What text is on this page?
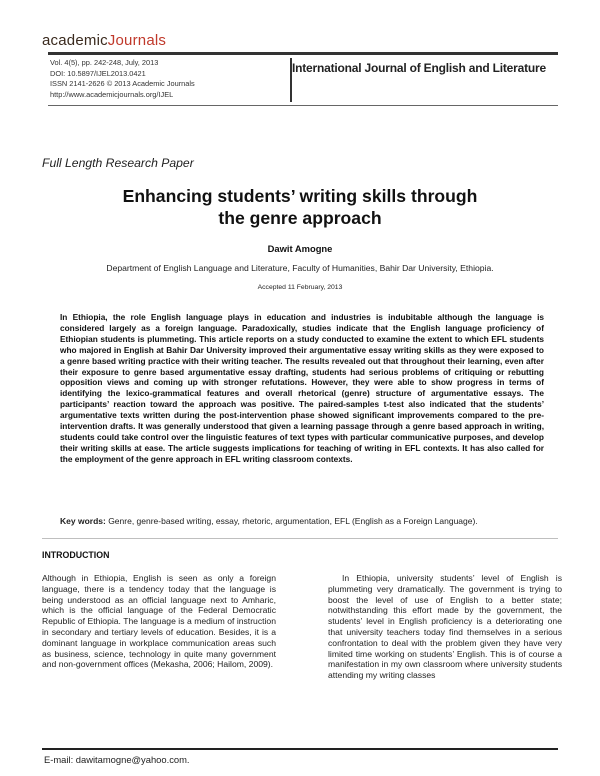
academicJournals
Vol. 4(5), pp. 242-248, July, 2013
DOI: 10.5897/IJEL2013.0421
ISSN 2141-2626 © 2013 Academic Journals
http://www.academicjournals.org/IJEL
International Journal of English and Literature
Full Length Research Paper
Enhancing students’ writing skills through
the genre approach
Dawit Amogne
Department of English Language and Literature, Faculty of Humanities, Bahir Dar University, Ethiopia.
Accepted 11 February, 2013
In Ethiopia, the role English language plays in education and industries is indubitable although the language is considered largely as a foreign language. Paradoxically, studies indicate that the English language proficiency of Ethiopian students is plummeting. This article reports on a study conducted to examine the extent to which EFL students who majored in English at Bahir Dar University improved their argumentative essay writing skills as they were exposed to a genre based writing practice with their writing teacher. The results revealed out that throughout their learning, even after their exposure to genre based argumentative essay drafting, students had serious problems of critiquing or rebutting opposition views and coming up with stronger refutations. However, they were able to show progress in terms of identifying the lexico-grammatical features and overall rhetorical (genre) structure of argumentative essays. The participants’ reaction toward the approach was positive. The paired-samples t-test also indicated that the students’ argumentative texts written during the post-intervention phase showed significant improvements compared to the pre-intervention drafts. It was generally understood that given a learning passage through a genre based approach in writing, students could take control over the linguistic features of text types with particular communicative purposes, and develop their writing skills at ease. The article suggests implications for teaching of writing in EFL contexts. It has also called for the employment of the genre approach in EFL writing classroom contexts.
Key words: Genre, genre-based writing, essay, rhetoric, argumentation, EFL (English as a Foreign Language).
INTRODUCTION
Although in Ethiopia, English is seen as only a foreign language, there is a tendency today that the language is being understood as an official language next to Amharic, which is the official language of the Federal Democratic Republic of Ethiopia. The language is a medium of instruction in secondary and tertiary levels of education. Besides, it is a dominant language in workplace communication areas such as business, science, technology in quite many government and non-government offices (Mekasha, 2006; Hailom, 2009).
In Ethiopia, university students’ level of English is plummeting very dramatically. The government is trying to boost the level of use of English to a better state; notwithstanding this effort made by the government, the students’ level in English proficiency is a deteriorating one that university teachers today find themselves in a serious confrontation to deal with the problem given they have very limited time working on students’ English. This is of course a manifestation in my own classroom where university students attending my writing classes
E-mail: dawitamogne@yahoo.com.
